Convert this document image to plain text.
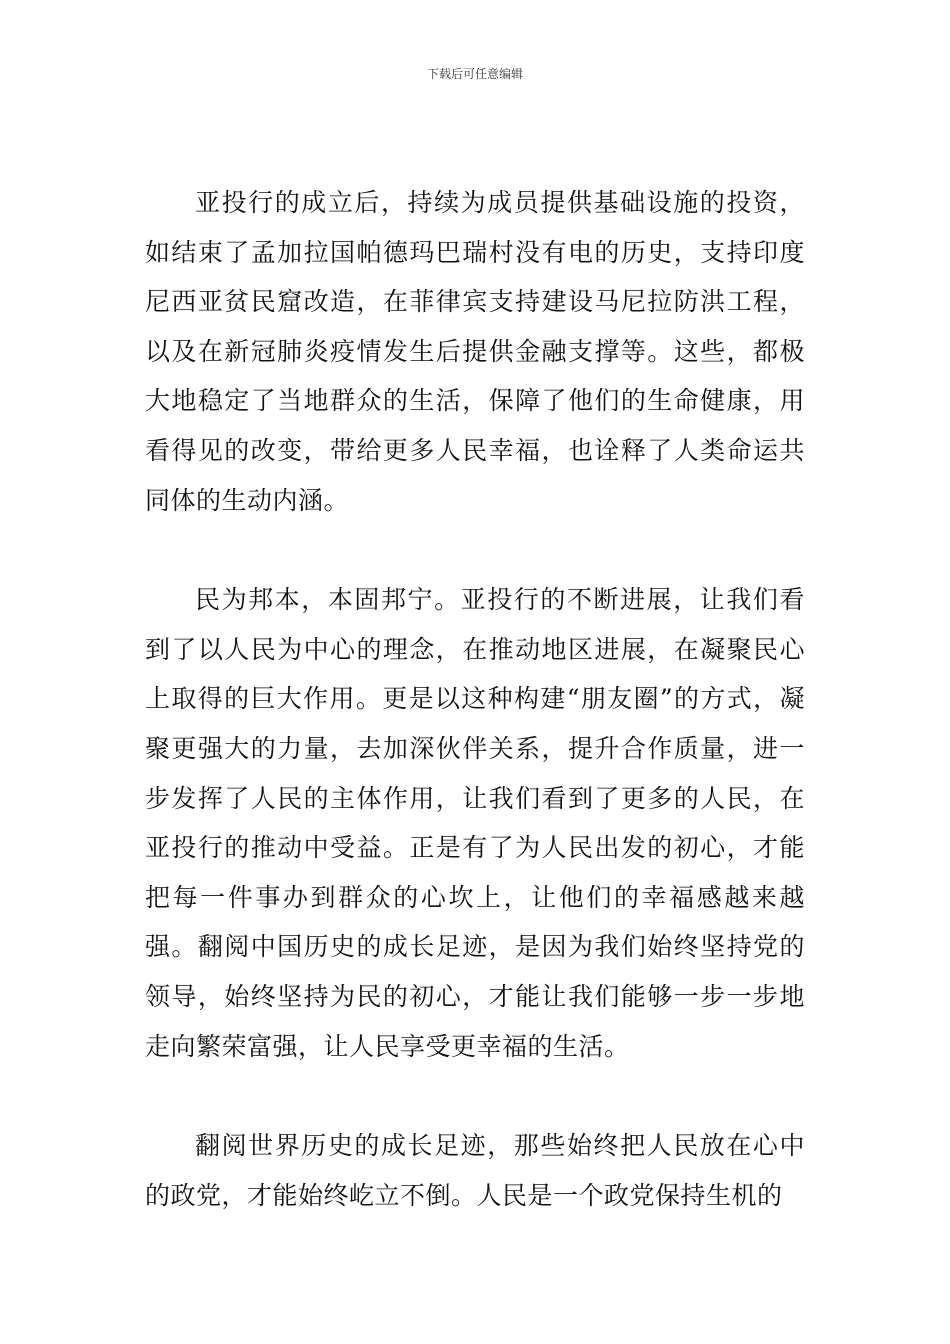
下载后可任意编辑

亚投行的成立后，持续为成员提供基础设施的投资，如结束了孟加拉国帕德玛巴瑞村没有电的历史，支持印度尼西亚贫民窟改造，在菲律宾支持建设马尼拉防洪工程，以及在新冠肺炎疫情发生后提供金融支撑等。这些，都极大地稳定了当地群众的生活，保障了他们的生命健康，用看得见的改变，带给更多人民幸福，也诠释了人类命运共同体的生动内涵。

民为邦本，本固邦宁。亚投行的不断进展，让我们看到了以人民为中心的理念，在推动地区进展，在凝聚民心上取得的巨大作用。更是以这种构建“朋友圈”的方式，凝聚更强大的力量，去加深伙伴关系，提升合作质量，进一步发挥了人民的主体作用，让我们看到了更多的人民，在亚投行的推动中受益。正是有了为人民出发的初心，才能把每一件事办到群众的心坎上，让他们的幸福感越来越强。翻阅中国历史的成长足迹，是因为我们始终坚持党的领导，始终坚持为民的初心，才能让我们能够一步一步地走向繁荣富强，让人民享受更幸福的生活。

翻阅世界历史的成长足迹，那些始终把人民放在心中的政党，才能始终屹立不倒。人民是一个政党保持生机的
